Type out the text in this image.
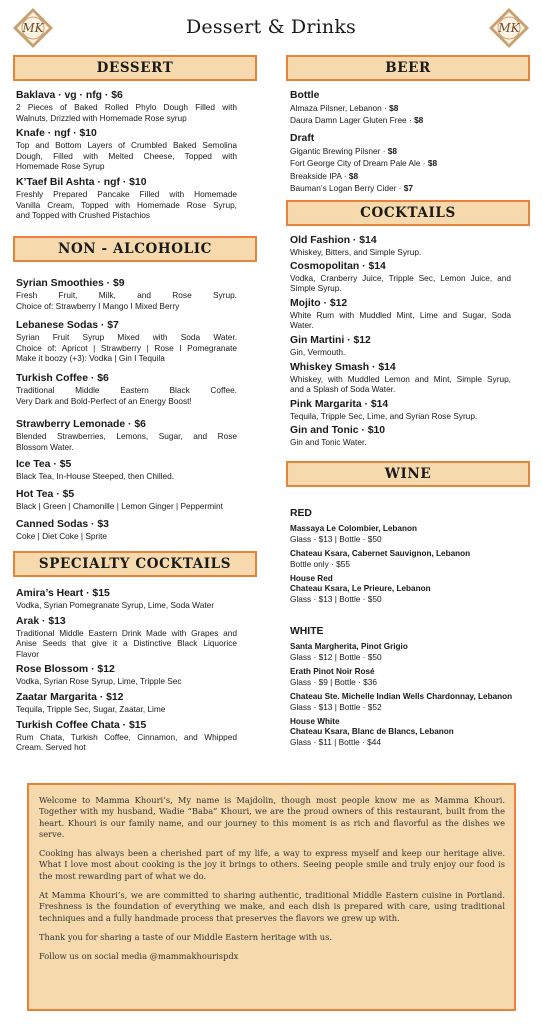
MK	MK
Dessert & Drinks
DESSERT
Baklava · vg · nfg · $6
2 Pieces of Baked Rolled Phylo Dough Filled with
Walnuts, Drizzled with Homemade Rose syrup
Knafe · ngf · $10
Top and Bottom Layers of Crumbled Baked Semolina
Dough, Filled with Melted Cheese, Topped with
Homemade Rose Syrup
K’Taef Bil Ashta · ngf · $10
Freshly Prepared Pancake Filled with Homemade
Vanilla Cream, Topped with Homemade Rose Syrup,
and Topped with Crushed Pistachios
NON - ALCOHOLIC
Syrian Smoothies · $9
Fresh Fruit, Milk, and Rose Syrup.
Choice of: Strawberry I Mango I Mixed Berry
Lebanese Sodas · $7
Syrian Fruit Syrup Mixed with Soda Water.
Choice of: Apricot | Strawberry | Rose I Pomegranate
Make it boozy (+3): Vodka | Gin I Tequila
Turkish Coffee · $6
Traditional Middle Eastern Black Coffee.
Very Dark and Bold-Perfect of an Energy Boost!
Strawberry Lemonade · $6
Blended Strawberries, Lemons, Sugar, and Rose
Blossom Water.
Ice Tea · $5
Black Tea, In-House Steeped, then Chilled.
Hot Tea · $5
Black | Green | Chamonille | Lemon Ginger | Peppermint
Canned Sodas · $3
Coke | Diet Coke | Sprite
SPECIALTY COCKTAILS
Amira’s Heart · $15
Vodka, Syrian Pomegranate Syrup, Lime, Soda Water
Arak · $13
Traditional Middle Eastern Drink Made with Grapes and
Anise Seeds that give it a Distinctive Black Liquorice
Flavor
Rose Blossom · $12
Vodka, Syrian Rose Syrup, Lime, Tripple Sec
Zaatar Margarita · $12
Tequila, Tripple Sec, Sugar, Zaatar, Lime
Turkish Coffee Chata · $15
Rum Chata, Turkish Coffee, Cinnamon, and Whipped
Cream. Served hot
BEER
Bottle
Almaza Pilsner, Lebanon · $8
Daura Damn Lager Gluten Free · $8
Draft
Gigantic Brewing Pilsner · $8
Fort George City of Dream Pale Ale · $8
Breakside IPA · $8
Bauman’s Logan Berry Cider · $7
COCKTAILS
Old Fashion · $14
Whiskey, Bitters, and Simple Syrup.
Cosmopolitan · $14
Vodka, Cranberry Juice, Tripple Sec, Lemon Juice, and
Simple Syrup.
Mojito · $12
White Rum with Muddled Mint, Lime and Sugar, Soda
Water.
Gin Martini · $12
Gin, Vermouth.
Whiskey Smash · $14
Whiskey, with Muddled Lemon and Mint, Simple Syrup,
and a Splash of Soda Water.
Pink Margarita · $14
Tequila, Tripple Sec, Lime, and Syrian Rose Syrup.
Gin and Tonic · $10
Gin and Tonic Water.
WINE
RED
Massaya Le Colombier, Lebanon
Glass · $13 | Bottle · $50
Chateau Ksara, Cabernet Sauvignon, Lebanon
Bottle only · $55
House Red
Chateau Ksara, Le Prieure, Lebanon
Glass · $13 | Bottle · $50
WHITE
Santa Margherita, Pinot Grigio
Glass · $12 | Bottle · $50
Erath Pinot Noir Rosé
Glass · $9 | Bottle · $36
Chateau Ste. Michelle Indian Wells Chardonnay, Lebanon
Glass · $13 | Bottle · $52
House White
Chateau Ksara, Blanc de Blancs, Lebanon
Glass · $11 | Bottle · $44

Welcome to Mamma Khouri’s, My name is Majdolin, though most people know me as Mamma Khouri. Together with my husband, Wadie “Baba” Khouri, we are the proud owners of this restaurant, built from the heart. Khouri is our family name, and our journey to this moment is as rich and flavorful as the dishes we serve.

Cooking has always been a cherished part of my life, a way to express myself and keep our heritage alive. What I love most about cooking is the joy it brings to others. Seeing people smile and truly enjoy our food is the most rewarding part of what we do.

At Mamma Khouri’s, we are committed to sharing authentic, traditional Middle Eastern cuisine in Portland. Freshness is the foundation of everything we make, and each dish is prepared with care, using traditional techniques and a fully handmade process that preserves the flavors we grew up with.

Thank you for sharing a taste of our Middle Eastern heritage with us.

Follow us on social media @mammakhourispdx
